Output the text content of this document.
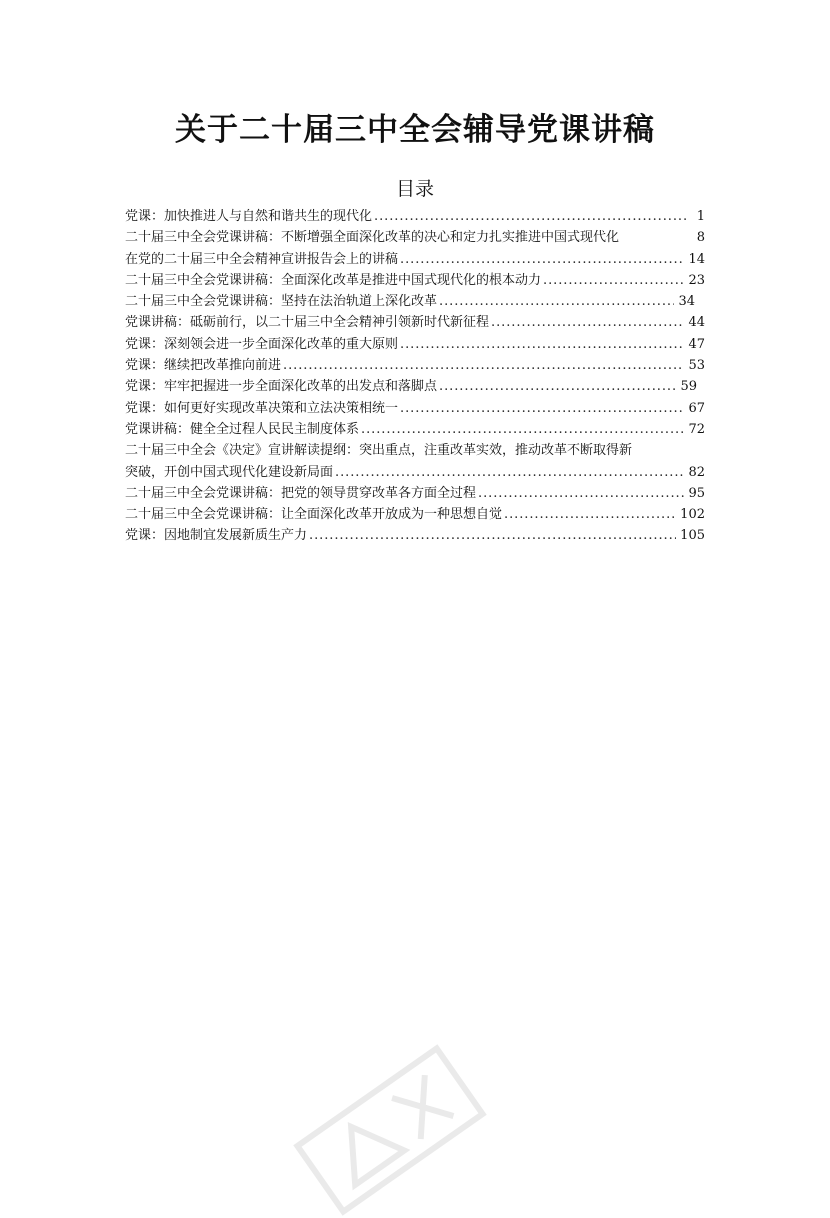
关于二十届三中全会辅导党课讲稿
目录
党课：加快推进人与自然和谐共生的现代化 . . .	1
二十届三中全会党课讲稿：不断增强全面深化改革的决心和定力扎实推进中国式现代化	8
在党的二十届三中全会精神宣讲报告会上的讲稿 . . .	14
二十届三中全会党课讲稿：全面深化改革是推进中国式现代化的根本动力 . . .	23
二十届三中全会党课讲稿：坚持在法治轨道上深化改革 . . .	34
党课讲稿：砥砺前行，以二十届三中全会精神引领新时代新征程 . . .	44
党课：深刻领会进一步全面深化改革的重大原则 . . .	47
党课：继续把改革推向前进 . . .	53
党课：牢牢把握进一步全面深化改革的出发点和落脚点 . . .	59
党课：如何更好实现改革决策和立法决策相统一 . . .	67
党课讲稿：健全全过程人民民主制度体系 . . .	72
二十届三中全会《决定》宣讲解读提纲：突出重点，注重改革实效，推动改革不断取得新
突破，开创中国式现代化建设新局面 . . .	82
二十届三中全会党课讲稿：把党的领导贯穿改革各方面全过程 . . .	95
二十届三中全会党课讲稿：让全面深化改革开放成为一种思想自觉 . . .	102
党课：因地制宜发展新质生产力 . . .	105
